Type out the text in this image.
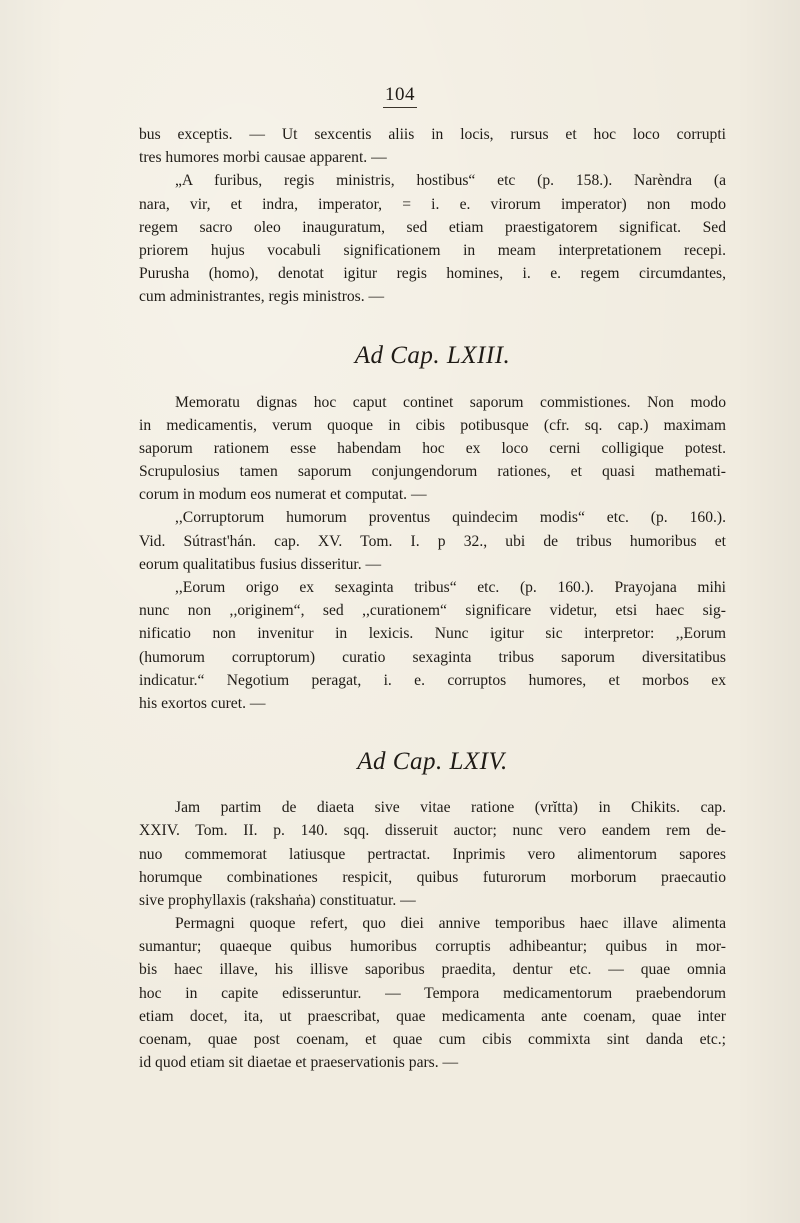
104
bus exceptis. — Ut sexcentis aliis in locis, rursus et hoc loco corrupti
tres humores morbi causae apparent. —
„A furibus, regis ministris, hostibus“ etc (p. 158.). Narèndra (a
nara, vir, et indra, imperator, = i. e. virorum imperator) non modo
regem sacro oleo inauguratum, sed etiam praestigatorem significat. Sed
priorem hujus vocabuli significationem in meam interpretationem recepi.
Purusha (homo), denotat igitur regis homines, i. e. regem circumdantes,
cum administrantes, regis ministros. —
Ad Cap. LXIII.
Memoratu dignas hoc caput continet saporum commistiones. Non modo
in medicamentis, verum quoque in cibis potibusque (cfr. sq. cap.) maximam
saporum rationem esse habendam hoc ex loco cerni colligique potest.
Scrupulosius tamen saporum conjungendorum rationes, et quasi mathemati-
corum in modum eos numerat et computat. —
,,Corruptorum humorum proventus quindecim modis“ etc. (p. 160.).
Vid. Sútrast'hán. cap. XV. Tom. I. p 32., ubi de tribus humoribus et
eorum qualitatibus fusius disseritur. —
,,Eorum origo ex sexaginta tribus“ etc. (p. 160.). Prayojana mihi
nunc non ,,originem“, sed ,,curationem“ significare videtur, etsi haec sig-
nificatio non invenitur in lexicis. Nunc igitur sic interpretor: ,,Eorum
(humorum corruptorum) curatio sexaginta tribus saporum diversitatibus
indicatur.“ Negotium peragat, i. e. corruptos humores, et morbos ex
his exortos curet. —
Ad Cap. LXIV.
Jam partim de diaeta sive vitae ratione (vrĭtta) in Chikits. cap.
XXIV. Tom. II. p. 140. sqq. disseruit auctor; nunc vero eandem rem de-
nuo commemorat latiusque pertractat. Inprimis vero alimentorum sapores
horumque combinationes respicit, quibus futurorum morborum praecautio
sive prophyllaxis (rakshaṅa) constituatur. —
Permagni quoque refert, quo diei annive temporibus haec illave alimenta
sumantur; quaeque quibus humoribus corruptis adhibeantur; quibus in mor-
bis haec illave, his illisve saporibus praedita, dentur etc. — quae omnia
hoc in capite edisseruntur. — Tempora medicamentorum praebendorum
etiam docet, ita, ut praescribat, quae medicamenta ante coenam, quae inter
coenam, quae post coenam, et quae cum cibis commixta sint danda etc.;
id quod etiam sit diaetae et praeservationis pars. —
